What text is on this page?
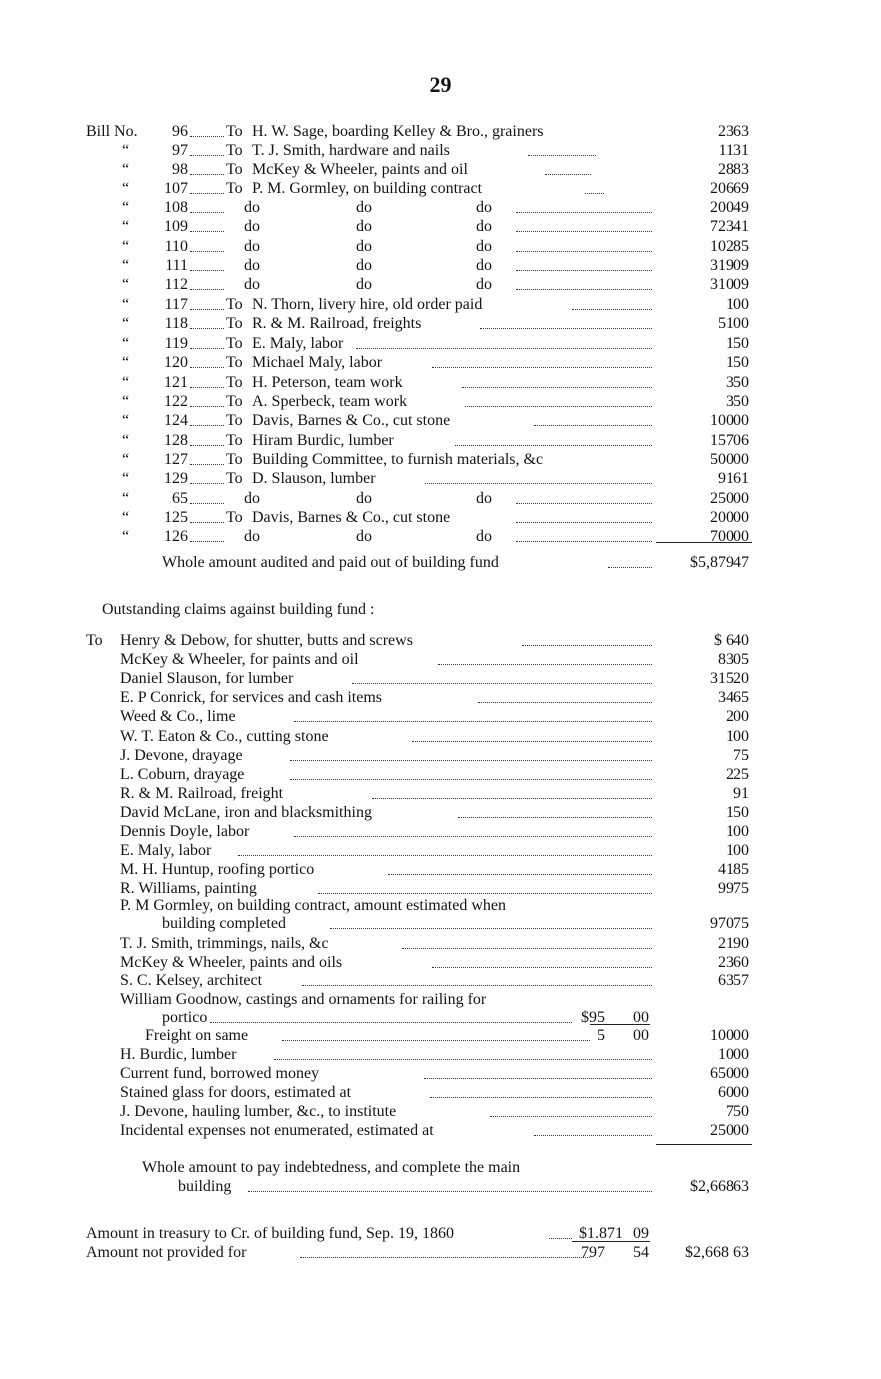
29
Bill No.	96 To H. W. Sage, boarding Kelley & Bro., grainers	23 63
“	97 To T. J. Smith, hardware and nails	11 31
“	98 To McKey & Wheeler, paints and oil	28 83
“	107 To P. M. Gormley, on building contract	206 69
“	108	do	do	do	200 49
“	109	do	do	do	723 41
“	110	do	do	do	102 85
“	111	do	do	do	319 09
“	112	do	do	do	310 09
“	117 To N. Thorn, livery hire, old order paid	1 00
“	118 To R. & M. Railroad, freights	51 00
“	119 To E. Maly, labor	1 50
“	120 To Michael Maly, labor	1 50
“	121 To H. Peterson, team work	3 50
“	122 To A. Sperbeck, team work	3 50
“	124 To Davis, Barnes & Co., cut stone	100 00
“	128 To Hiram Burdic, lumber	157 06
“	127 To Building Committee, to furnish materials, &c	500 00
“	129 To D. Slauson, lumber	91 61
“	65	do	do	do	250 00
“	125 To Davis, Barnes & Co., cut stone	200 00
“	126	do	do	do	700 00
Whole amount audited and paid out of building fund	$5,879 47
Outstanding claims against building fund :
To Henry & Debow, for shutter, butts and screws	$ 6 40
McKey & Wheeler, for paints and oil	83 05
Daniel Slauson, for lumber	315 20
E. P Conrick, for services and cash items	34 65
Weed & Co., lime	2 00
W. T. Eaton & Co., cutting stone	1 00
J. Devone, drayage	75
L. Coburn, drayage	2 25
R. & M. Railroad, freight	91
David McLane, iron and blacksmithing	1 50
Dennis Doyle, labor	1 00
E. Maly, labor	1 00
M. H. Huntup, roofing portico	41 85
R. Williams, painting	99 75
P. M Gormley, on building contract, amount estimated when
building completed	970 75
T. J. Smith, trimmings, nails, &c	21 90
McKey & Wheeler, paints and oils	23 60
S. C. Kelsey, architect	63 57
William Goodnow, castings and ornaments for railing for
portico	$95	00
Freight on same	5	00	100 00
H. Burdic, lumber	10 00
Current fund, borrowed money	650 00
Stained glass for doors, estimated at	60 00
J. Devone, hauling lumber, &c., to institute	7 50
Incidental expenses not enumerated, estimated at	250 00
Whole amount to pay indebtedness, and complete the main
building	$2,668 63
Amount in treasury to Cr. of building fund, Sep. 19, 1860	$1.871 09
Amount not provided for	797	54	$2,668 63
